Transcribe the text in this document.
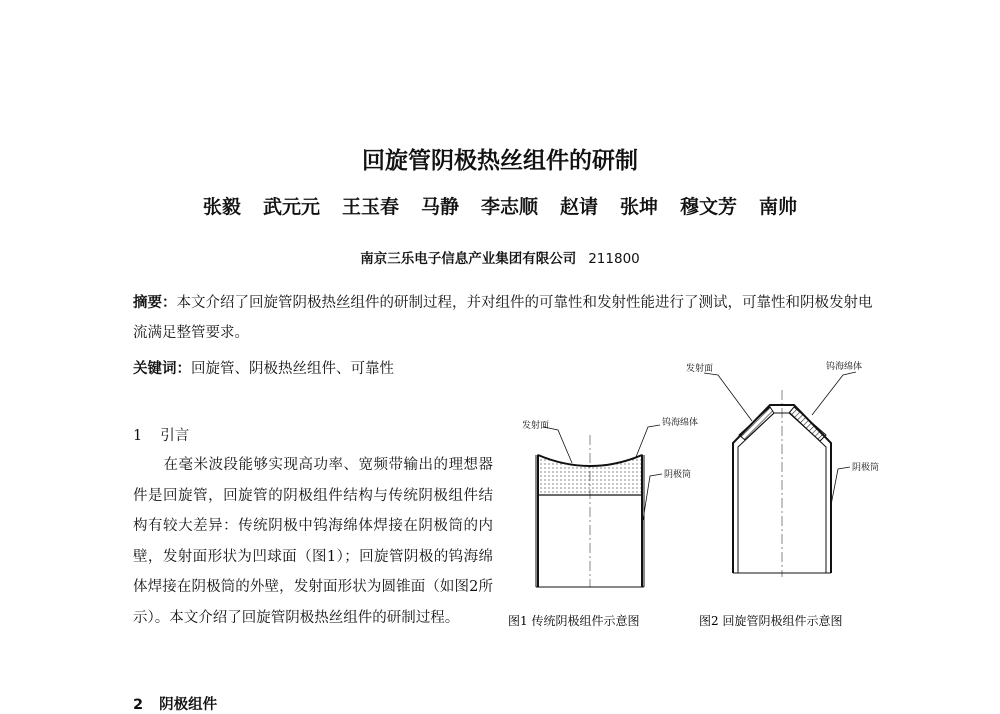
回旋管阴极热丝组件的研制
张毅 武元元 王玉春 马静 李志顺 赵请 张坤 穆文芳 南帅
南京三乐电子信息产业集团有限公司 211800
摘要：本文介绍了回旋管阴极热丝组件的研制过程，并对组件的可靠性和发射性能进行了测试，可靠性和阴极发射电流满足整管要求。
关键词：回旋管、阴极热丝组件、可靠性
1 引言
在毫米波段能够实现高功率、宽频带输出的理想器件是回旋管，回旋管的阴极组件结构与传统阴极组件结构有较大差异：传统阴极中钨海绵体焊接在阴极筒的内壁，发射面形状为凹球面（图1）；回旋管阴极的钨海绵体焊接在阴极筒的外壁，发射面形状为圆锥面（如图2所示）。本文介绍了回旋管阴极热丝组件的研制过程。
2 阴极组件
发射面	钨海绵体
阴极筒
发射面	钨海绵体
阴极筒
图1 传统阴极组件示意图	图2 回旋管阴极组件示意图
